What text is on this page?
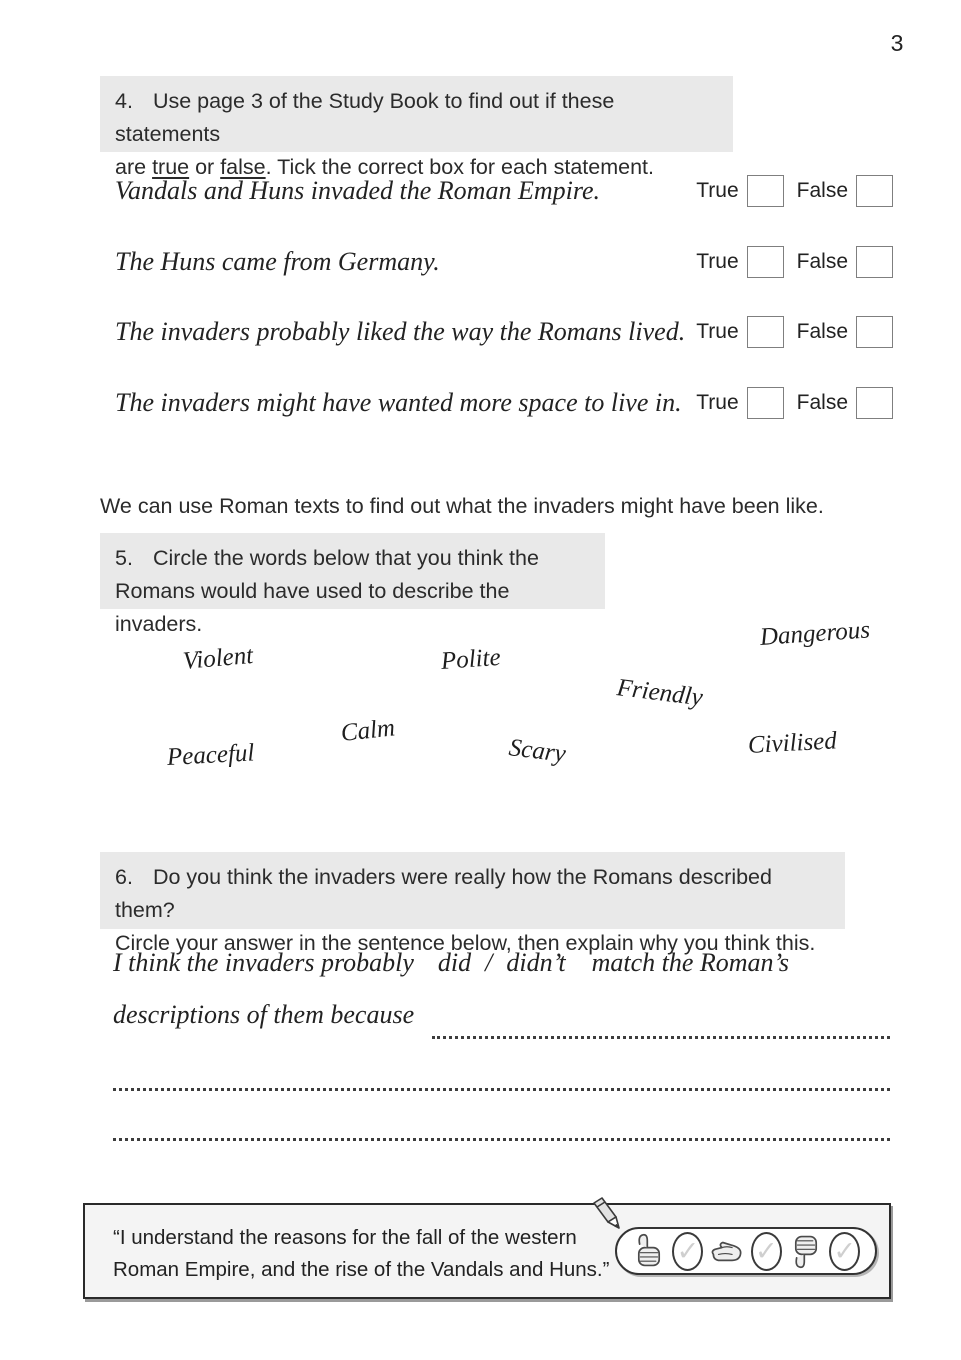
3
4. Use page 3 of the Study Book to find out if these statements
are true or false. Tick the correct box for each statement.
Vandals and Huns invaded the Roman Empire.	True	False
The Huns came from Germany.	True	False
The invaders probably liked the way the Romans lived. True	False
The invaders might have wanted more space to live in. True	False
We can use Roman texts to find out what the invaders might have been like.
5. Circle the words below that you think the
Romans would have used to describe the invaders.
Violent	Polite
Dangerous
Friendly
Calm
Peaceful	Scary	Civilised
6. Do you think the invaders were really how the Romans described them?
Circle your answer in the sentence below, then explain why you think this.
I think the invaders probably did / didn’t match the Roman’s
descriptions of them because
“I understand the reasons for the fall of the western
Roman Empire, and the rise of the Vandals and Huns.”
✓ ✓ ✓
